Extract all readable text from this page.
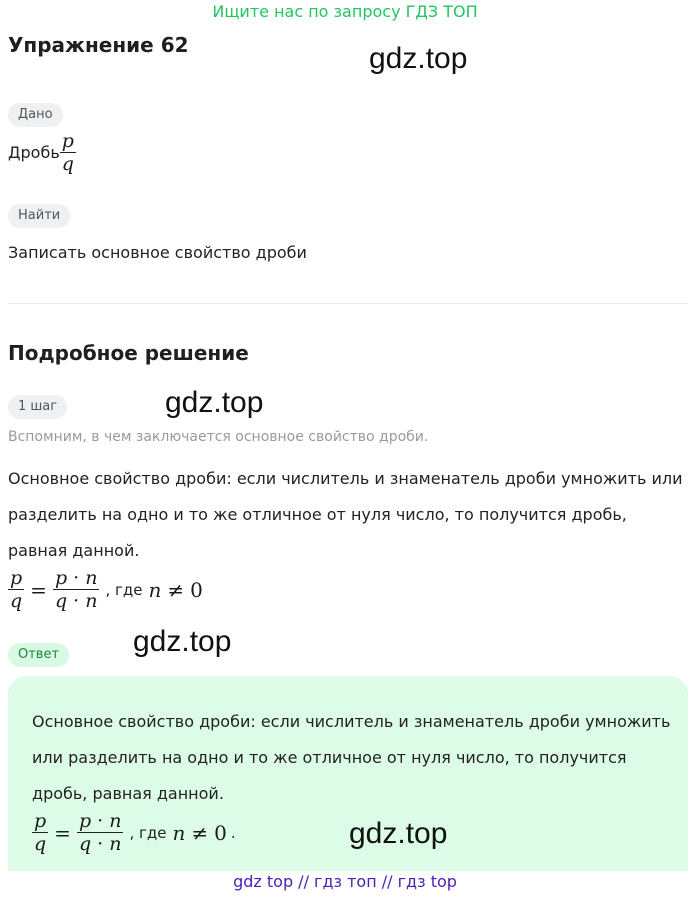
Ищите нас по запросу ГДЗ ТОП
Упражнение 62	gdz.top
Дано
Дробь $\frac{p}{q}$
Найти
Записать основное свойство дроби
Подробное решение
1 шаг	gdz.top
Вспомним, в чем заключается основное свойство дроби.
Основное свойство дроби: если числитель и знаменатель дроби умножить или разделить на одно и то же отличное от нуля число, то получится дробь, равная данной.
$\frac{p}{q} = \frac{p \cdot n}{q \cdot n}$ , где n ≠ 0
Ответ	gdz.top
Основное свойство дроби: если числитель и знаменатель дроби умножить или разделить на одно и то же отличное от нуля число, то получится дробь, равная данной.
$\frac{p}{q} = \frac{p \cdot n}{q \cdot n}$ , где n ≠ 0 .	gdz.top
gdz top // гдз топ // гдз top
